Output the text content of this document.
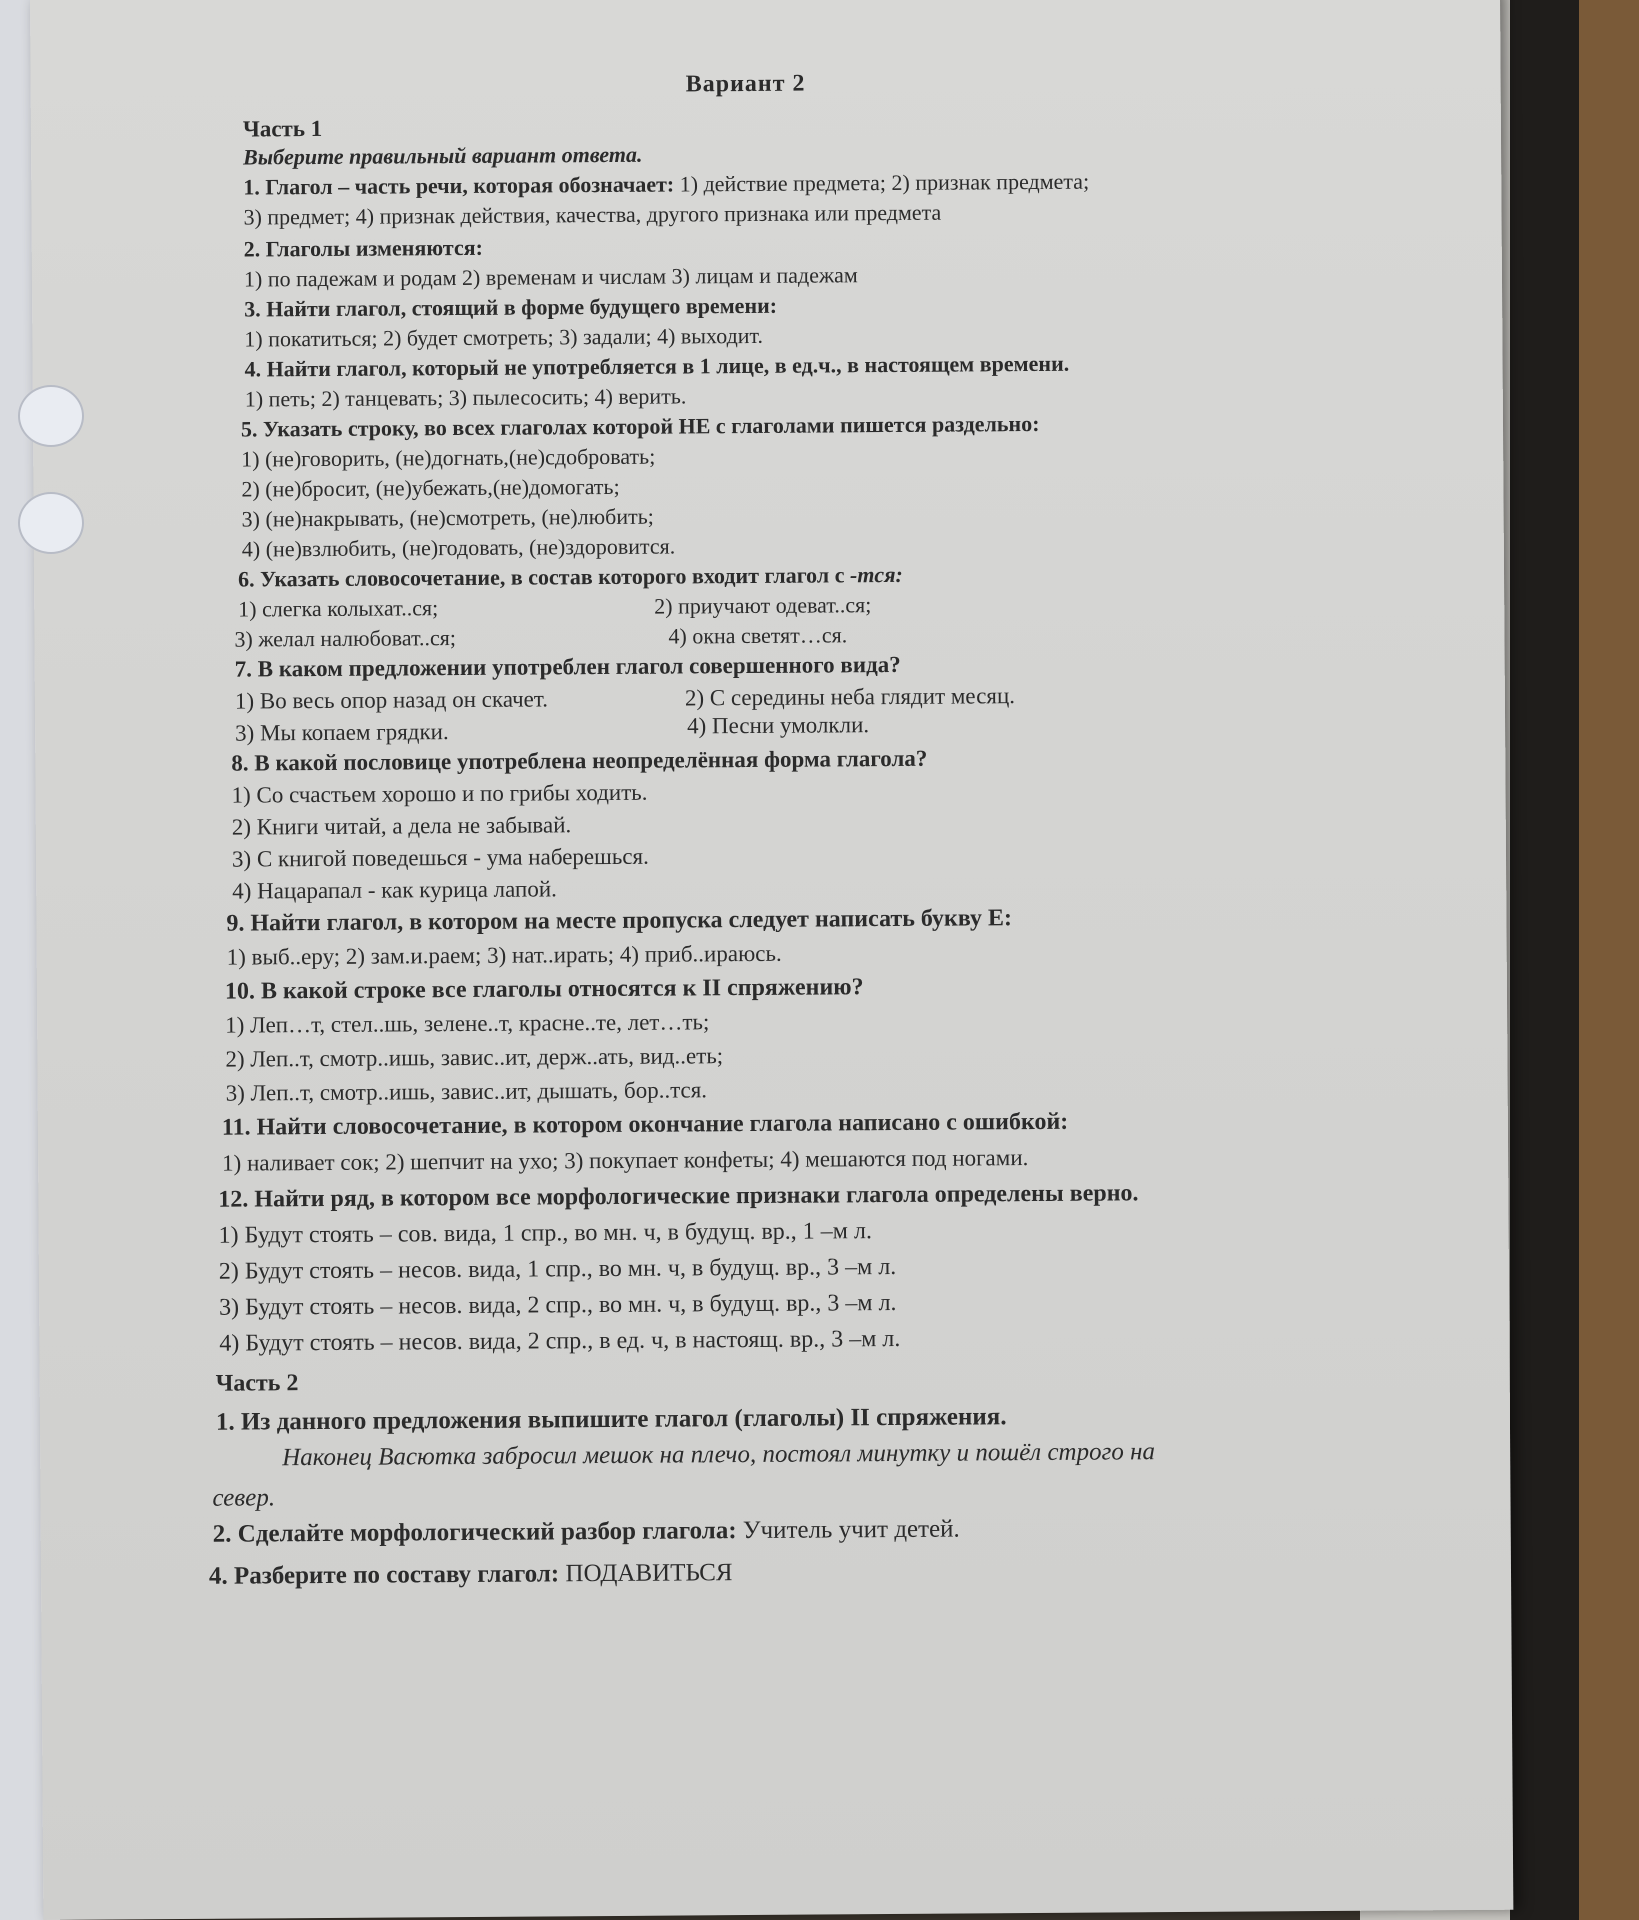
Вариант 2
Часть 1
Выберите правильный вариант ответа.
1. Глагол – часть речи, которая обозначает: 1) действие предмета; 2) признак предмета;
3) предмет; 4) признак действия, качества, другого признака или предмета
2. Глаголы изменяются:
1) по падежам и родам 2) временам и числам 3) лицам и падежам
3. Найти глагол, стоящий в форме будущего времени:
1) покатиться; 2) будет смотреть; 3) задали; 4) выходит.
4. Найти глагол, который не употребляется в 1 лице, в ед.ч., в настоящем времени.
1) петь; 2) танцевать; 3) пылесосить; 4) верить.
5. Указать строку, во всех глаголах которой НЕ с глаголами пишется раздельно:
1) (не)говорить, (не)догнать,(не)сдобровать;
2) (не)бросит, (не)убежать,(не)домогать;
3) (не)накрывать, (не)смотреть, (не)любить;
4) (не)взлюбить, (не)годовать, (не)здоровится.
6. Указать словосочетание, в состав которого входит глагол с -тся:
1) слегка колыхат..ся;	2) приучают одеват..ся;
3) желал налюбоват..ся;	4) окна светят…ся.
7. В каком предложении употреблен глагол совершенного вида?
1) Во весь опор назад он скачет.	2) С середины неба глядит месяц.
3) Мы копаем грядки.	4) Песни умолкли.
8. В какой пословице употреблена неопределённая форма глагола?
1) Со счастьем хорошо и по грибы ходить.
2) Книги читай, а дела не забывай.
3) С книгой поведешься - ума наберешься.
4) Нацарапал - как курица лапой.
9. Найти глагол, в котором на месте пропуска следует написать букву Е:
1) выб..еру; 2) зам.и.раем; 3) нат..ирать; 4) приб..ираюсь.
10. В какой строке все глаголы относятся к II спряжению?
1) Леп…т, стел..шь, зелене..т, красне..те, лет…ть;
2) Леп..т, смотр..ишь, завис..ит, держ..ать, вид..еть;
3) Леп..т, смотр..ишь, завис..ит, дышать, бор..тся.
11. Найти словосочетание, в котором окончание глагола написано с ошибкой:
1) наливает сок; 2) шепчит на ухо; 3) покупает конфеты; 4) мешаются под ногами.
12. Найти ряд, в котором все морфологические признаки глагола определены верно.
1) Будут стоять – сов. вида, 1 спр., во мн. ч, в будущ. вр., 1 –м л.
2) Будут стоять – несов. вида, 1 спр., во мн. ч, в будущ. вр., 3 –м л.
3) Будут стоять – несов. вида, 2 спр., во мн. ч, в будущ. вр., 3 –м л.
4) Будут стоять – несов. вида, 2 спр., в ед. ч, в настоящ. вр., 3 –м л.
Часть 2
1. Из данного предложения выпишите глагол (глаголы) II спряжения.
Наконец Васютка забросил мешок на плечо, постоял минутку и пошёл строго на
север.
2. Сделайте морфологический разбор глагола: Учитель учит детей.
4. Разберите по составу глагол: ПОДАВИТЬСЯ
